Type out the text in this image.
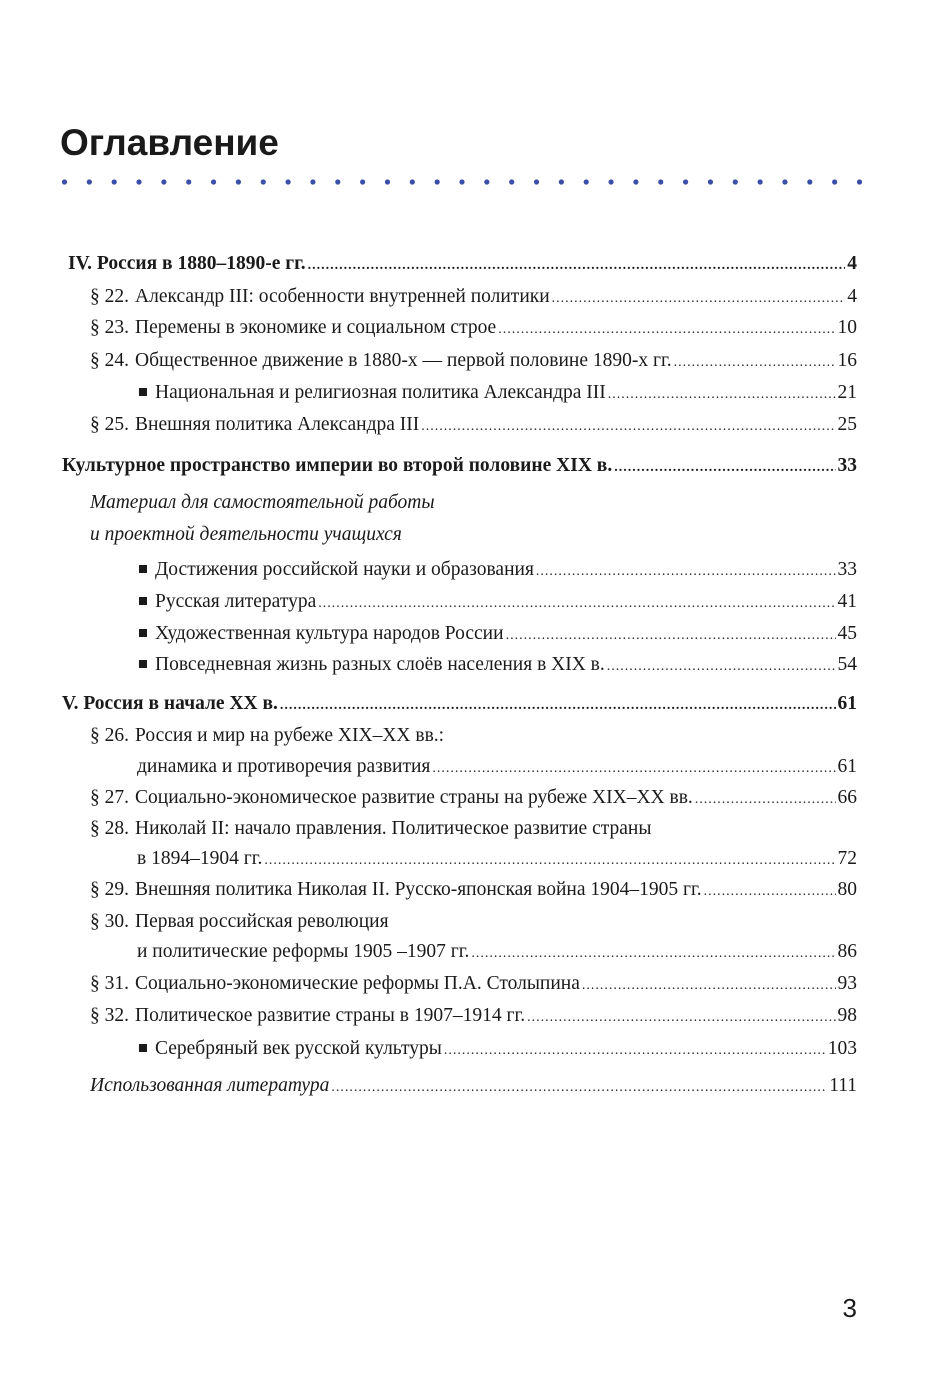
Оглавление
IV. Россия в 1880–1890-е гг. .....	4
§ 22. Александр III: особенности внутренней политики .....	4
§ 23. Перемены в экономике и социальном строе .....	10
§ 24. Общественное движение в 1880-х — первой половине 1890-х гг. .....	16
Национальная и религиозная политика Александра III .....	21
§ 25. Внешняя политика Александра III .....	25
Культурное пространство империи во второй половине XIX в. .....	33
Материал для самостоятельной работы
и проектной деятельности учащихся
Достижения российской науки и образования .....	33
Русская литература .....	41
Художественная культура народов России .....	45
Повседневная жизнь разных слоёв населения в XIX в. .....	54
V. Россия в начале XX в. .....	61
§ 26. Россия и мир на рубеже XIX–XX вв.:
динамика и противоречия развития .....	61
§ 27. Социально-экономическое развитие страны на рубеже XIX–XX вв. .....	66
§ 28. Николай II: начало правления. Политическое развитие страны
в 1894–1904 гг. .....	72
§ 29. Внешняя политика Николая II. Русско-японская война 1904–1905 гг. .....	80
§ 30. Первая российская революция
и политические реформы 1905 –1907 гг. .....	86
§ 31. Социально-экономические реформы П.А. Столыпина .....	93
§ 32. Политическое развитие страны в 1907–1914 гг. .....	98
Серебряный век русской культуры .....	103
Использованная литература .....	111
3
